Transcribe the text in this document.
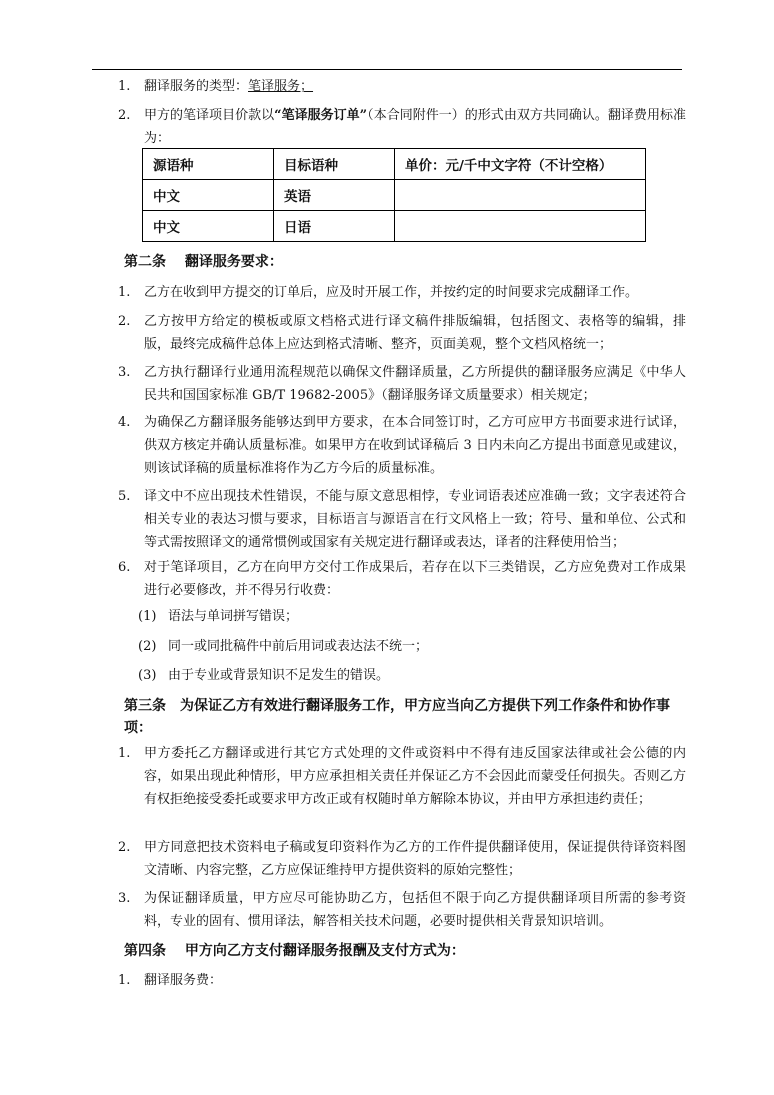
1. 翻译服务的类型：笔译服务；
2. 甲方的笔译项目价款以“笔译服务订单”（本合同附件一）的形式由双方共同确认。翻译费用标准为：
源语种	目标语种	单价：元/千中文字符（不计空格）
中文	英语	
中文	日语	
第二条　 翻译服务要求：
1. 乙方在收到甲方提交的订单后，应及时开展工作，并按约定的时间要求完成翻译工作。
2. 乙方按甲方给定的模板或原文档格式进行译文稿件排版编辑，包括图文、表格等的编辑，排版，最终完成稿件总体上应达到格式清晰、整齐，页面美观，整个文档风格统一；
3. 乙方执行翻译行业通用流程规范以确保文件翻译质量，乙方所提供的翻译服务应满足《中华人民共和国国家标准 GB/T 19682-2005》（翻译服务译文质量要求）相关规定；
4. 为确保乙方翻译服务能够达到甲方要求，在本合同签订时，乙方可应甲方书面要求进行试译，供双方核定并确认质量标准。如果甲方在收到试译稿后 3 日内未向乙方提出书面意见或建议，则该试译稿的质量标准将作为乙方今后的质量标准。
5. 译文中不应出现技术性错误，不能与原文意思相悖，专业词语表述应准确一致；文字表述符合相关专业的表达习惯与要求，目标语言与源语言在行文风格上一致；符号、量和单位、公式和等式需按照译文的通常惯例或国家有关规定进行翻译或表达，译者的注释使用恰当；
6. 对于笔译项目，乙方在向甲方交付工作成果后，若存在以下三类错误，乙方应免费对工作成果进行必要修改，并不得另行收费：
(1) 语法与单词拼写错误；
(2) 同一或同批稿件中前后用词或表达法不统一；
(3) 由于专业或背景知识不足发生的错误。
第三条　为保证乙方有效进行翻译服务工作，甲方应当向乙方提供下列工作条件和协作事项：
1. 甲方委托乙方翻译或进行其它方式处理的文件或资料中不得有违反国家法律或社会公德的内容，如果出现此种情形，甲方应承担相关责任并保证乙方不会因此而蒙受任何损失。否则乙方有权拒绝接受委托或要求甲方改正或有权随时单方解除本协议，并由甲方承担违约责任；
2. 甲方同意把技术资料电子稿或复印资料作为乙方的工作件提供翻译使用，保证提供待译资料图文清晰、内容完整，乙方应保证维持甲方提供资料的原始完整性；
3. 为保证翻译质量，甲方应尽可能协助乙方，包括但不限于向乙方提供翻译项目所需的参考资料，专业的固有、惯用译法，解答相关技术问题，必要时提供相关背景知识培训。
第四条　 甲方向乙方支付翻译服务报酬及支付方式为：
1. 翻译服务费：
